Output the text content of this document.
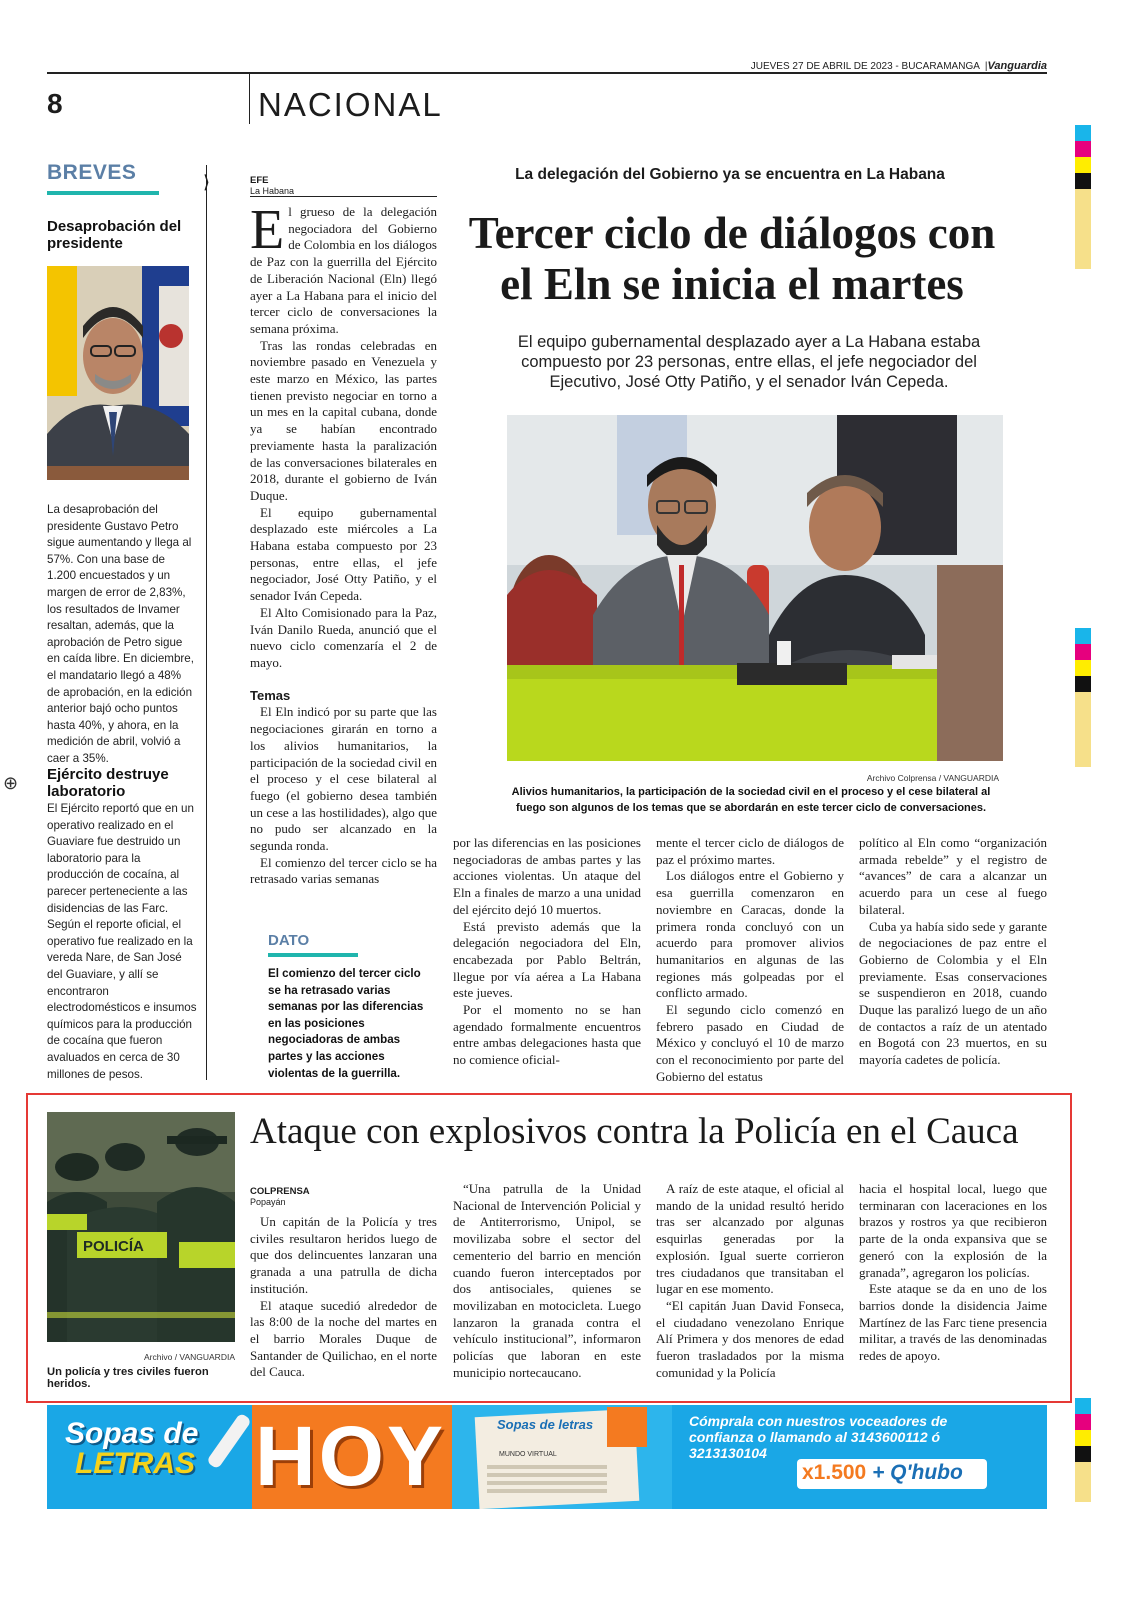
JUEVES 27 DE ABRIL DE 2023 - BUCARAMANGA  |Vanguardia
8	NACIONAL
BREVES	⟩
Desaprobación del presidente
La desaprobación del presidente Gustavo Petro sigue aumentando y llega al 57%. Con una base de 1.200 encuestados y un margen de error de 2,83%, los resultados de Invamer resaltan, además, que la aprobación de Petro sigue en caída libre. En diciembre, el mandatario llegó a 48% de aprobación, en la edición anterior bajó ocho puntos hasta 40%, y ahora, en la medición de abril, volvió a caer a 35%.
Ejército destruye laboratorio
El Ejército reportó que en un operativo realizado en el Guaviare fue destruido un laboratorio para la producción de cocaína, al parecer perteneciente a las disidencias de las Farc. Según el reporte oficial, el operativo fue realizado en la vereda Nare, de San José del Guaviare, y allí se encontraron electrodomésticos e insumos químicos para la producción de cocaína que fueron avaluados en cerca de 30 millones de pesos.
EFE
La Habana

El grueso de la delegación negociadora del Gobierno de Colombia en los diálogos de Paz con la guerrilla del Ejército de Liberación Nacional (Eln) llegó ayer a La Habana para el inicio del tercer ciclo de conversaciones la semana próxima.

Tras las rondas celebradas en noviembre pasado en Venezuela y este marzo en México, las partes tienen previsto negociar en torno a un mes en la capital cubana, donde ya se habían encontrado previamente hasta la paralización de las conversaciones bilaterales en 2018, durante el gobierno de Iván Duque.

El equipo gubernamental desplazado este miércoles a La Habana estaba compuesto por 23 personas, entre ellas, el jefe negociador, José Otty Patiño, y el senador Iván Cepeda.

El Alto Comisionado para la Paz, Iván Danilo Rueda, anunció que el nuevo ciclo comenzaría el 2 de mayo.

Temas

El Eln indicó por su parte que las negociaciones girarán en torno a los alivios humanitarios, la participación de la sociedad civil en el proceso y el cese bilateral al fuego (el gobierno desea también un cese a las hostilidades), algo que no pudo ser alcanzado en la segunda ronda.

El comienzo del tercer ciclo se ha retrasado varias semanas

La delegación del Gobierno ya se encuentra en La Habana
Tercer ciclo de diálogos con el Eln se inicia el martes
El equipo gubernamental desplazado ayer a La Habana estaba compuesto por 23 personas, entre ellas, el jefe negociador del Ejecutivo, José Otty Patiño, y el senador Iván Cepeda.
Archivo Colprensa / VANGUARDIA
Alivios humanitarios, la participación de la sociedad civil en el proceso y el cese bilateral al fuego son algunos de los temas que se abordarán en este tercer ciclo de conversaciones.

por las diferencias en las posiciones negociadoras de ambas partes y las acciones violentas. Un ataque del Eln a finales de marzo a una unidad del ejército dejó 10 muertos.

Está previsto además que la delegación negociadora del Eln, encabezada por Pablo Beltrán, llegue por vía aérea a La Habana este jueves.

Por el momento no se han agendado formalmente encuentros entre ambas delegaciones hasta que no comience oficial-

mente el tercer ciclo de diálogos de paz el próximo martes.

Los diálogos entre el Gobierno y esa guerrilla comenzaron en noviembre en Caracas, donde la primera ronda concluyó con un acuerdo para promover alivios humanitarios en algunas de las regiones más golpeadas por el conflicto armado.

El segundo ciclo comenzó en febrero pasado en Ciudad de México y concluyó el 10 de marzo con el reconocimiento por parte del Gobierno del estatus

político al Eln como “organización armada rebelde” y el registro de “avances” de cara a alcanzar un acuerdo para un cese al fuego bilateral.

Cuba ya había sido sede y garante de negociaciones de paz entre el Gobierno de Colombia y el Eln previamente. Esas conservaciones se suspendieron en 2018, cuando Duque las paralizó luego de un año de contactos a raíz de un atentado en Bogotá con 23 muertos, en su mayoría cadetes de policía.

DATO
El comienzo del tercer ciclo se ha retrasado varias semanas por las diferencias en las posiciones negociadoras de ambas partes y las acciones violentas de la guerrilla.
POLICÍA
Archivo / VANGUARDIA
Un policía y tres civiles fueron heridos.
Ataque con explosivos contra la Policía en el Cauca
COLPRENSA
Popayán

Un capitán de la Policía y tres civiles resultaron heridos luego de que dos delincuentes lanzaran una granada a una patrulla de dicha institución.

El ataque sucedió alrededor de las 8:00 de la noche del martes en el barrio Morales Duque de Santander de Quilichao, en el norte del Cauca.

“Una patrulla de la Unidad Nacional de Intervención Policial y de Antiterrorismo, Unipol, se movilizaba sobre el sector del cementerio del barrio en mención cuando fueron interceptados por dos antisociales, quienes se movilizaban en motocicleta. Luego lanzaron la granada contra el vehículo institucional”, informaron policías que laboran en este municipio nortecaucano.

A raíz de este ataque, el oficial al mando de la unidad resultó herido tras ser alcanzado por algunas esquirlas generadas por la explosión. Igual suerte corrieron tres ciudadanos que transitaban el lugar en ese momento.

“El capitán Juan David Fonseca, el ciudadano venezolano Enrique Alí Primera y dos menores de edad fueron trasladados por la misma comunidad y la Policía

hacia el hospital local, luego que terminaran con laceraciones en los brazos y rostros ya que recibieron parte de la onda expansiva que se generó con la explosión de la granada”, agregaron los policías.

Este ataque se da en uno de los barrios donde la disidencia Jaime Martínez de las Farc tiene presencia militar, a través de las denominadas redes de apoyo.

Sopas de
LETRAS HOY	Sopas de letras
MUNDO VIRTUAL
Cómprala con nuestros voceadores de
confianza o llamando al 3143600112 ó
3213130104
x1.500 + Q'hubo
⊕
